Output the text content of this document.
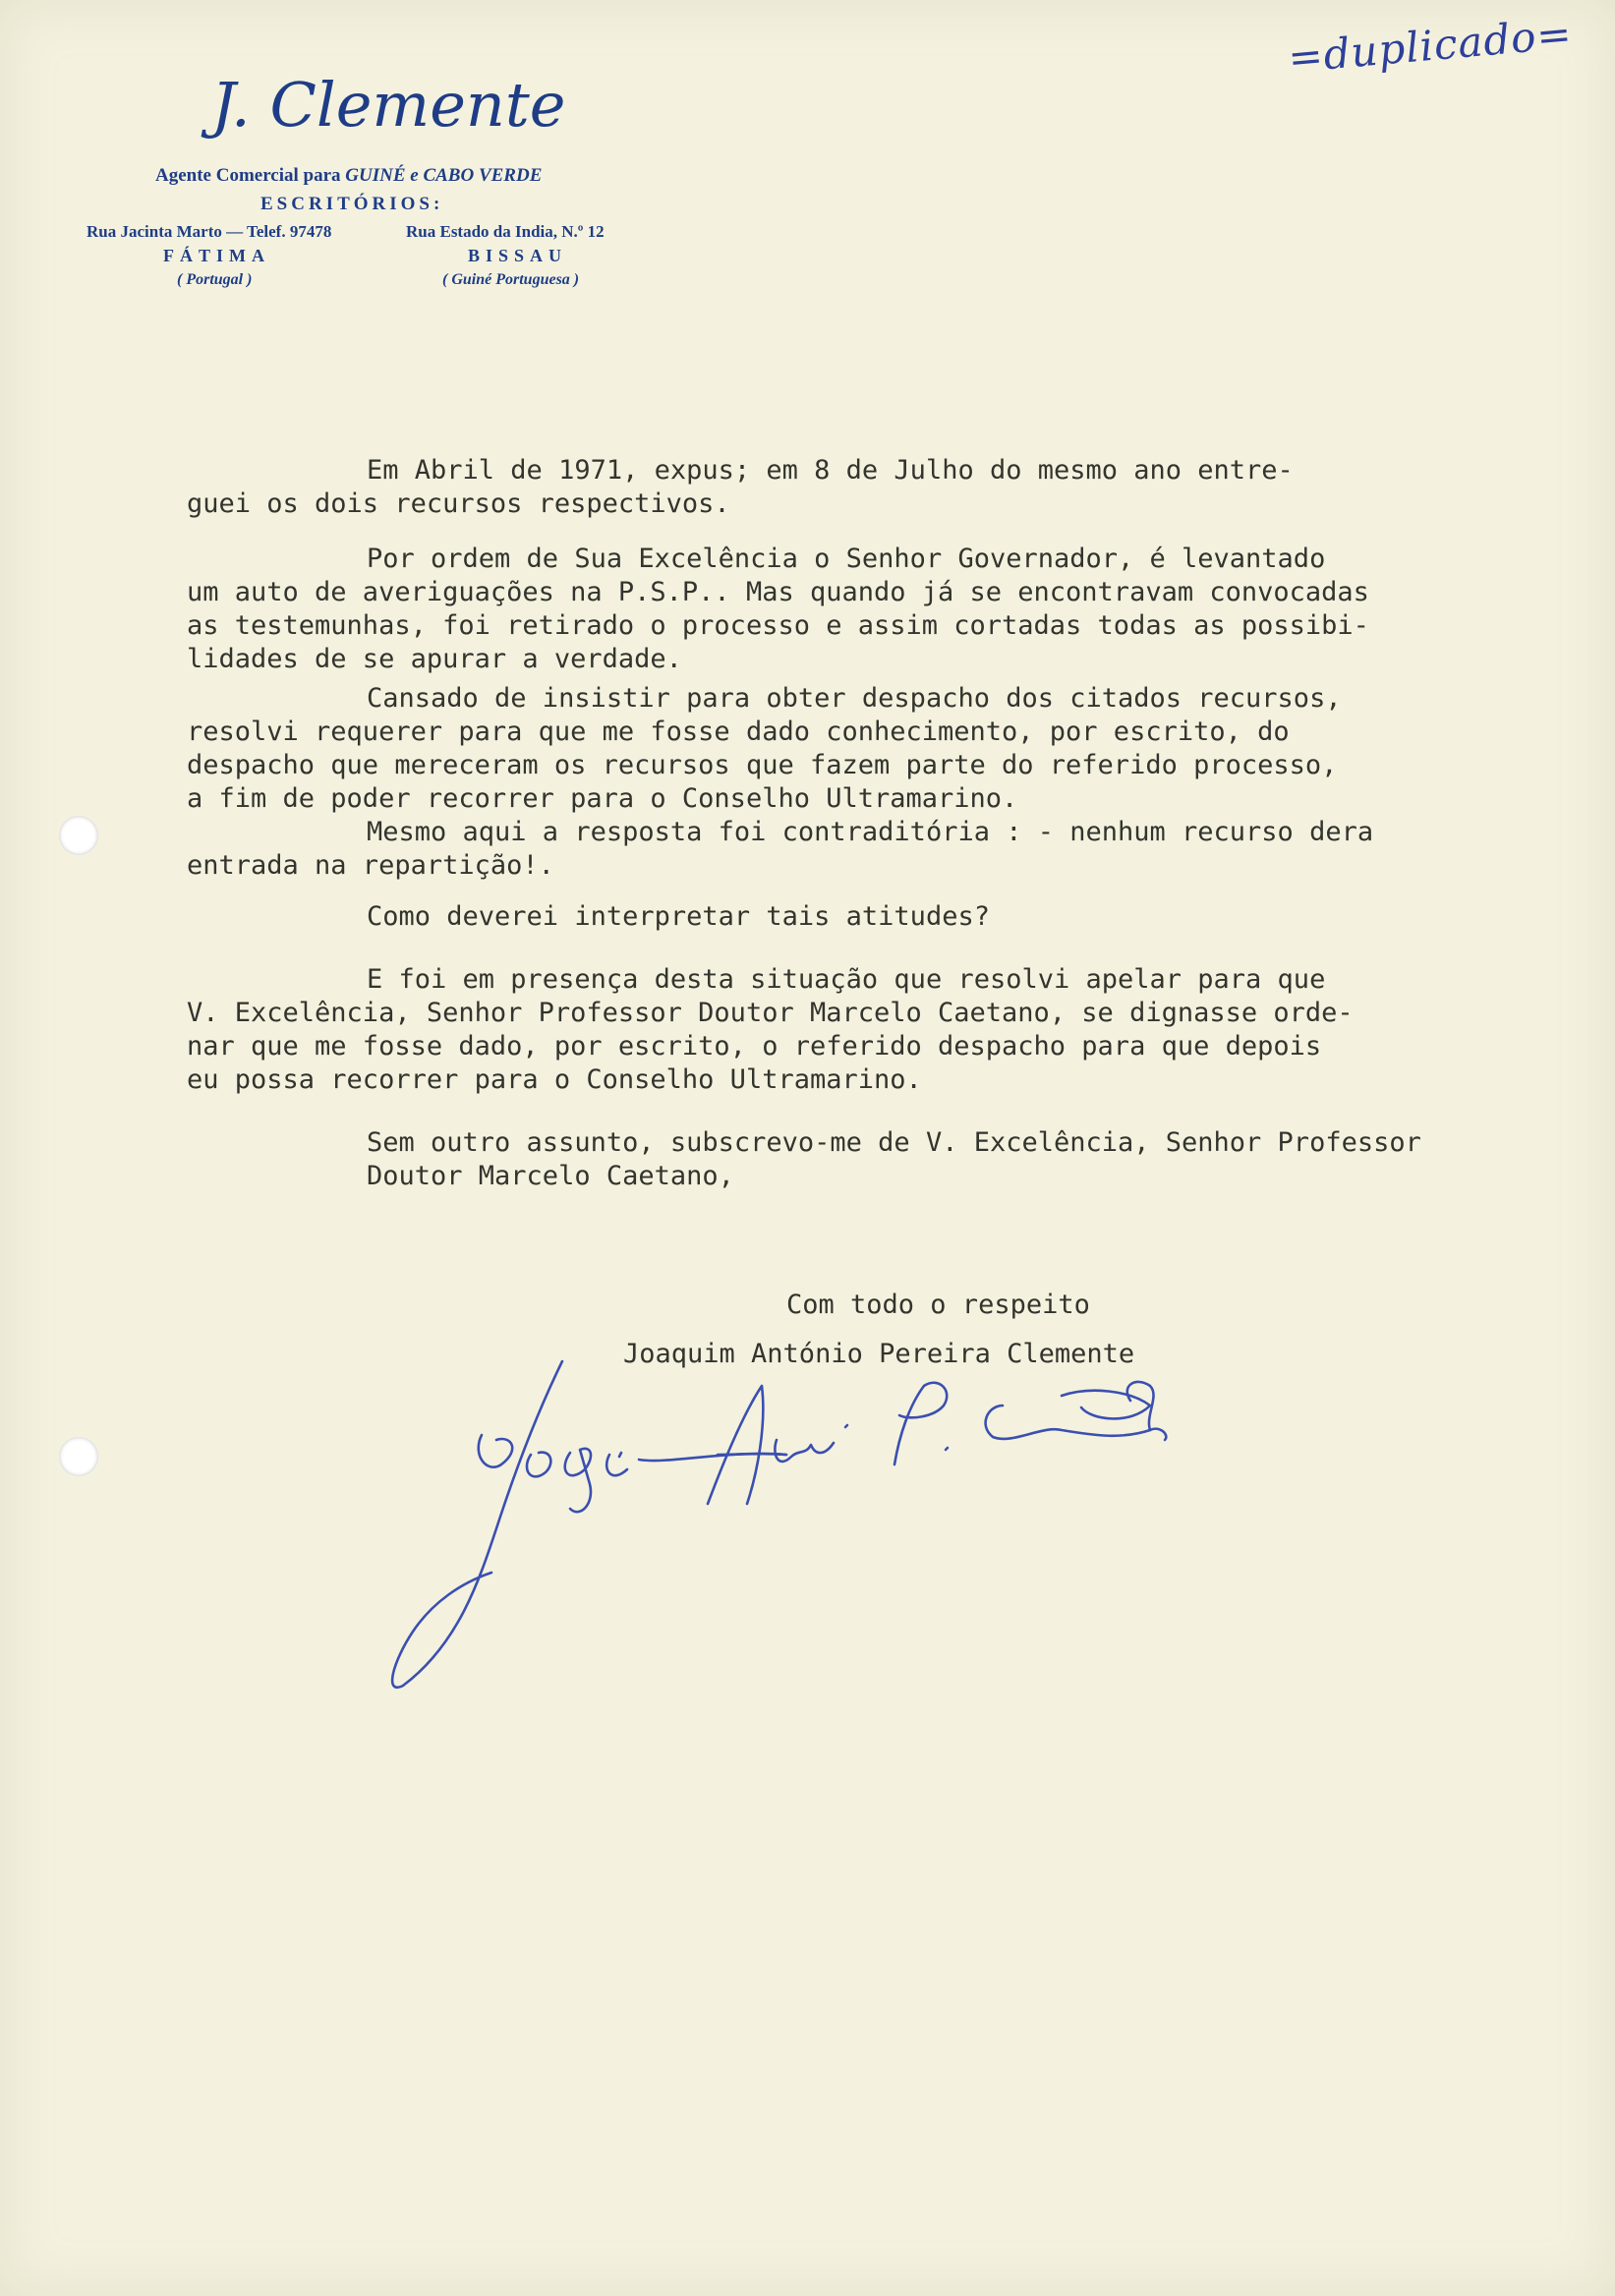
=duplicado=
J. Clemente
Agente Comercial para GUINÉ e CABO VERDE
ESCRITÓRIOS:
Rua Jacinta Marto — Telef. 97478	Rua Estado da India, N.º 12
FÁTIMA	BISSAU
( Portugal )	( Guiné Portuguesa )
Em Abril de 1971, expus; em 8 de Julho do mesmo ano entre-
guei os dois recursos respectivos.
Por ordem de Sua Excelência o Senhor Governador, é levantado
um auto de averiguações na P.S.P.. Mas quando já se encontravam convocadas
as testemunhas, foi retirado o processo e assim cortadas todas as possibi-
lidades de se apurar a verdade.
Cansado de insistir para obter despacho dos citados recursos,
resolvi requerer para que me fosse dado conhecimento, por escrito, do
despacho que mereceram os recursos que fazem parte do referido processo,
a fim de poder recorrer para o Conselho Ultramarino.
Mesmo aqui a resposta foi contraditória : - nenhum recurso dera
entrada na repartição!.
Como deverei interpretar tais atitudes?
E foi em presença desta situação que resolvi apelar para que
V. Excelência, Senhor Professor Doutor Marcelo Caetano, se dignasse orde-
nar que me fosse dado, por escrito, o referido despacho para que depois
eu possa recorrer para o Conselho Ultramarino.
Sem outro assunto, subscrevo-me de V. Excelência, Senhor Professor
Doutor Marcelo Caetano,
Com todo o respeito
Joaquim António Pereira Clemente
